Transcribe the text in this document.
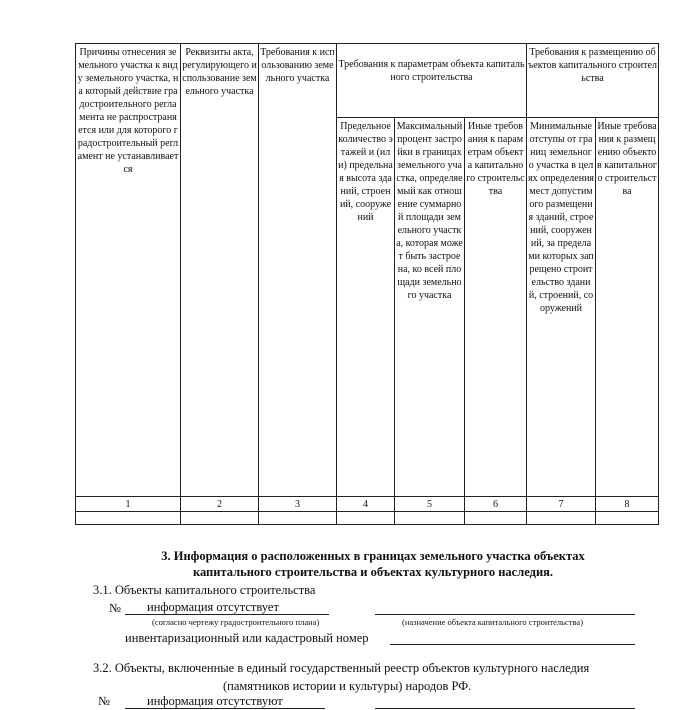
Причины отнесения земельного участка к виду земельного участка, на который действие градостроительного регламента не распространяется или для которого градостроительный регламент не устанавливается	Реквизиты акта, регулирующего использование земельного участка	Требования к использованию земельного участка	Требования к параметрам объекта капитального строительства			Требования к размещению объектов капитального строительства	
			Предельное количество этажей и (или) предельная высота зданий, строений, сооружений	Максимальный процент застройки в границах земельного участка, определяемый как отношение суммарной площади земельного участка, которая может быть застроена, ко всей площади земельного участка	Иные требования к параметрам объекта капитального строительства	Минимальные отступы от границ земельного участка в целях определения мест допустимого размещения зданий, строений, сооружений, за пределами которых запрещено строительство зданий, строений, сооружений	Иные требования к размещению объектов капитального строительства
1	2	3	4	5	6	7	8

3. Информация о расположенных в границах земельного участка объектах
капитального строительства и объектах культурного наследия.
3.1. Объекты капитального строительства
№ информация отсутствует
(согласно чертежу градостроительного плана)	(назначение объекта капитального строительства)
инвентаризационный или кадастровый номер
3.2. Объекты, включенные в единый государственный реестр объектов культурного наследия
(памятников истории и культуры) народов РФ.
№	информация отсутствуют
